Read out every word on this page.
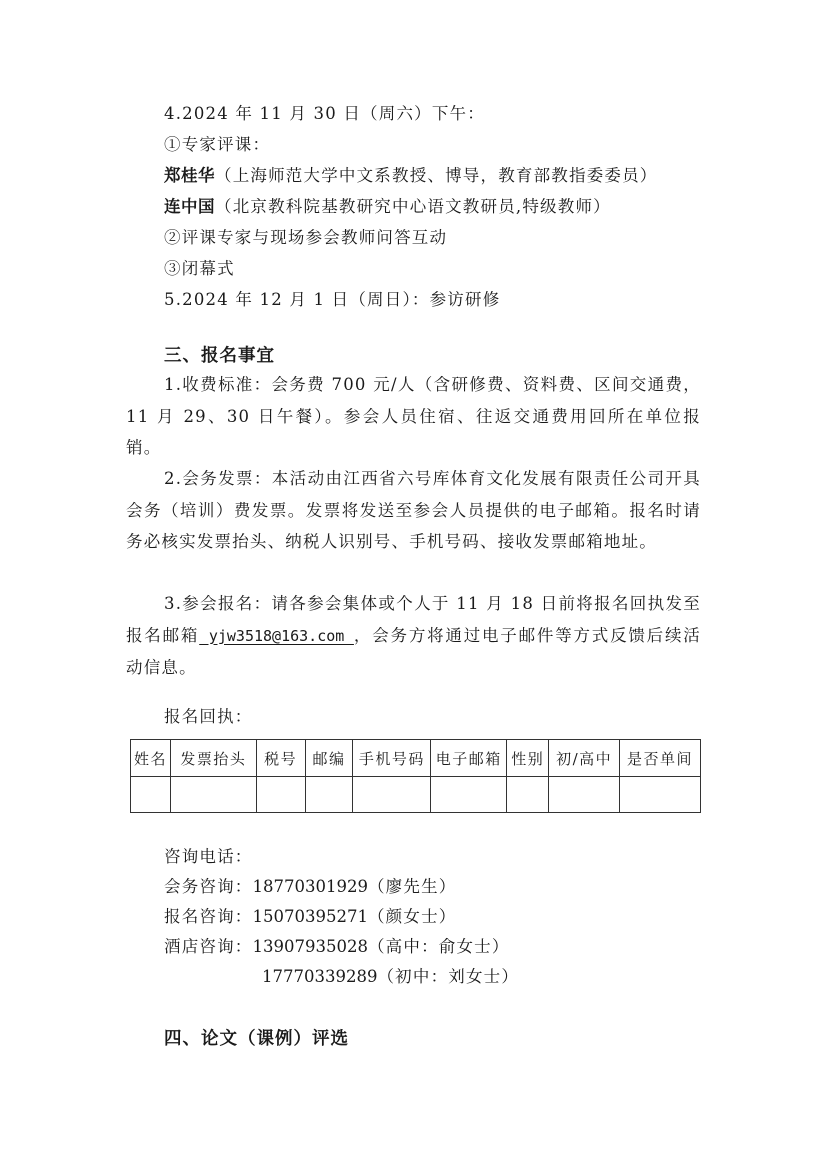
4.2024 年 11 月 30 日（周六）下午：
①专家评课：
郑桂华（上海师范大学中文系教授、博导，教育部教指委委员）
连中国（北京教科院基教研究中心语文教研员,特级教师）
②评课专家与现场参会教师问答互动
③闭幕式
5.2024 年 12 月 1 日（周日）：参访研修
三、报名事宜
1.收费标准：会务费 700 元/人（含研修费、资料费、区间交通费，11 月 29、30 日午餐）。参会人员住宿、往返交通费用回所在单位报销。
2.会务发票：本活动由江西省六号库体育文化发展有限责任公司开具会务（培训）费发票。发票将发送至参会人员提供的电子邮箱。报名时请务必核实发票抬头、纳税人识别号、手机号码、接收发票邮箱地址。
3.参会报名：请各参会集体或个人于 11 月 18 日前将报名回执发至报名邮箱 yjw3518@163.com ，会务方将通过电子邮件等方式反馈后续活动信息。
报名回执：
姓名	发票抬头	税号	邮编	手机号码	电子邮箱	性别	初/高中	是否单间

咨询电话：
会务咨询：18770301929（廖先生）
报名咨询：15070395271（颜女士）
酒店咨询：13907935028（高中：俞女士）
17770339289（初中：刘女士）
四、论文（课例）评选
